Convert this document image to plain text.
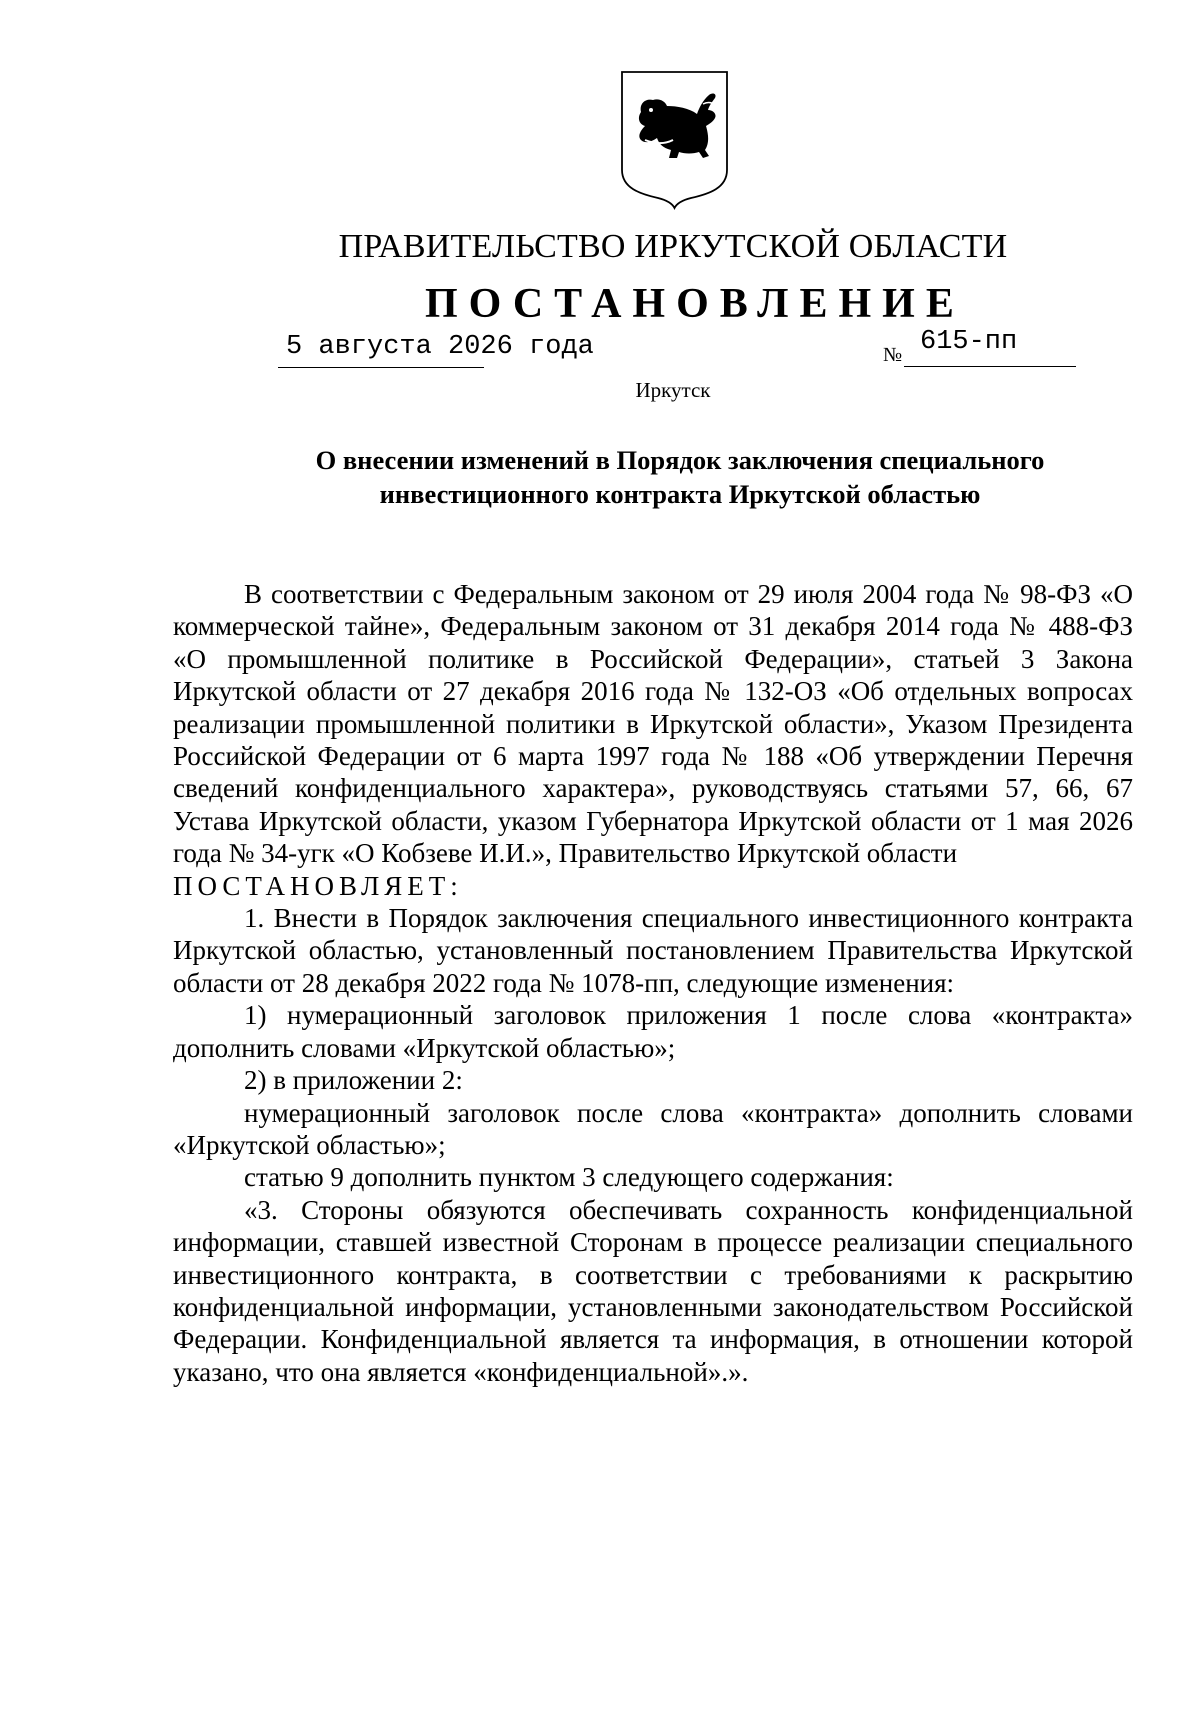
ПРАВИТЕЛЬСТВО ИРКУТСКОЙ ОБЛАСТИ
ПОСТАНОВЛЕНИЕ
5 августа 2026 года	№ 615-пп
Иркутск
О внесении изменений в Порядок заключения специального
инвестиционного контракта Иркутской областью

В соответствии с Федеральным законом от 29 июля 2004 года № 98-ФЗ «О коммерческой тайне», Федеральным законом от 31 декабря 2014 года № 488-ФЗ «О промышленной политике в Российской Федерации», статьей 3 Закона Иркутской области от 27 декабря 2016 года № 132-ОЗ «Об отдельных вопросах реализации промышленной политики в Иркутской области», Указом Президента Российской Федерации от 6 марта 1997 года № 188 «Об утверждении Перечня сведений конфиденциального характера», руководствуясь статьями 57, 66, 67 Устава Иркутской области, указом Губернатора Иркутской области от 1 мая 2026 года № 34-угк «О Кобзеве И.И.», Правительство Иркутской области

ПОСТАНОВЛЯЕТ:

1. Внести в Порядок заключения специального инвестиционного контракта Иркутской областью, установленный постановлением Правительства Иркутской области от 28 декабря 2022 года № 1078-пп, следующие изменения:

1) нумерационный заголовок приложения 1 после слова «контракта» дополнить словами «Иркутской областью»;

2) в приложении 2:

нумерационный заголовок после слова «контракта» дополнить словами «Иркутской областью»;

статью 9 дополнить пунктом 3 следующего содержания:

«3. Стороны обязуются обеспечивать сохранность конфиденциальной информации, ставшей известной Сторонам в процессе реализации специального инвестиционного контракта, в соответствии с требованиями к раскрытию конфиденциальной информации, установленными законодательством Российской Федерации. Конфиденциальной является та информация, в отношении которой указано, что она является «конфиденциальной».».
